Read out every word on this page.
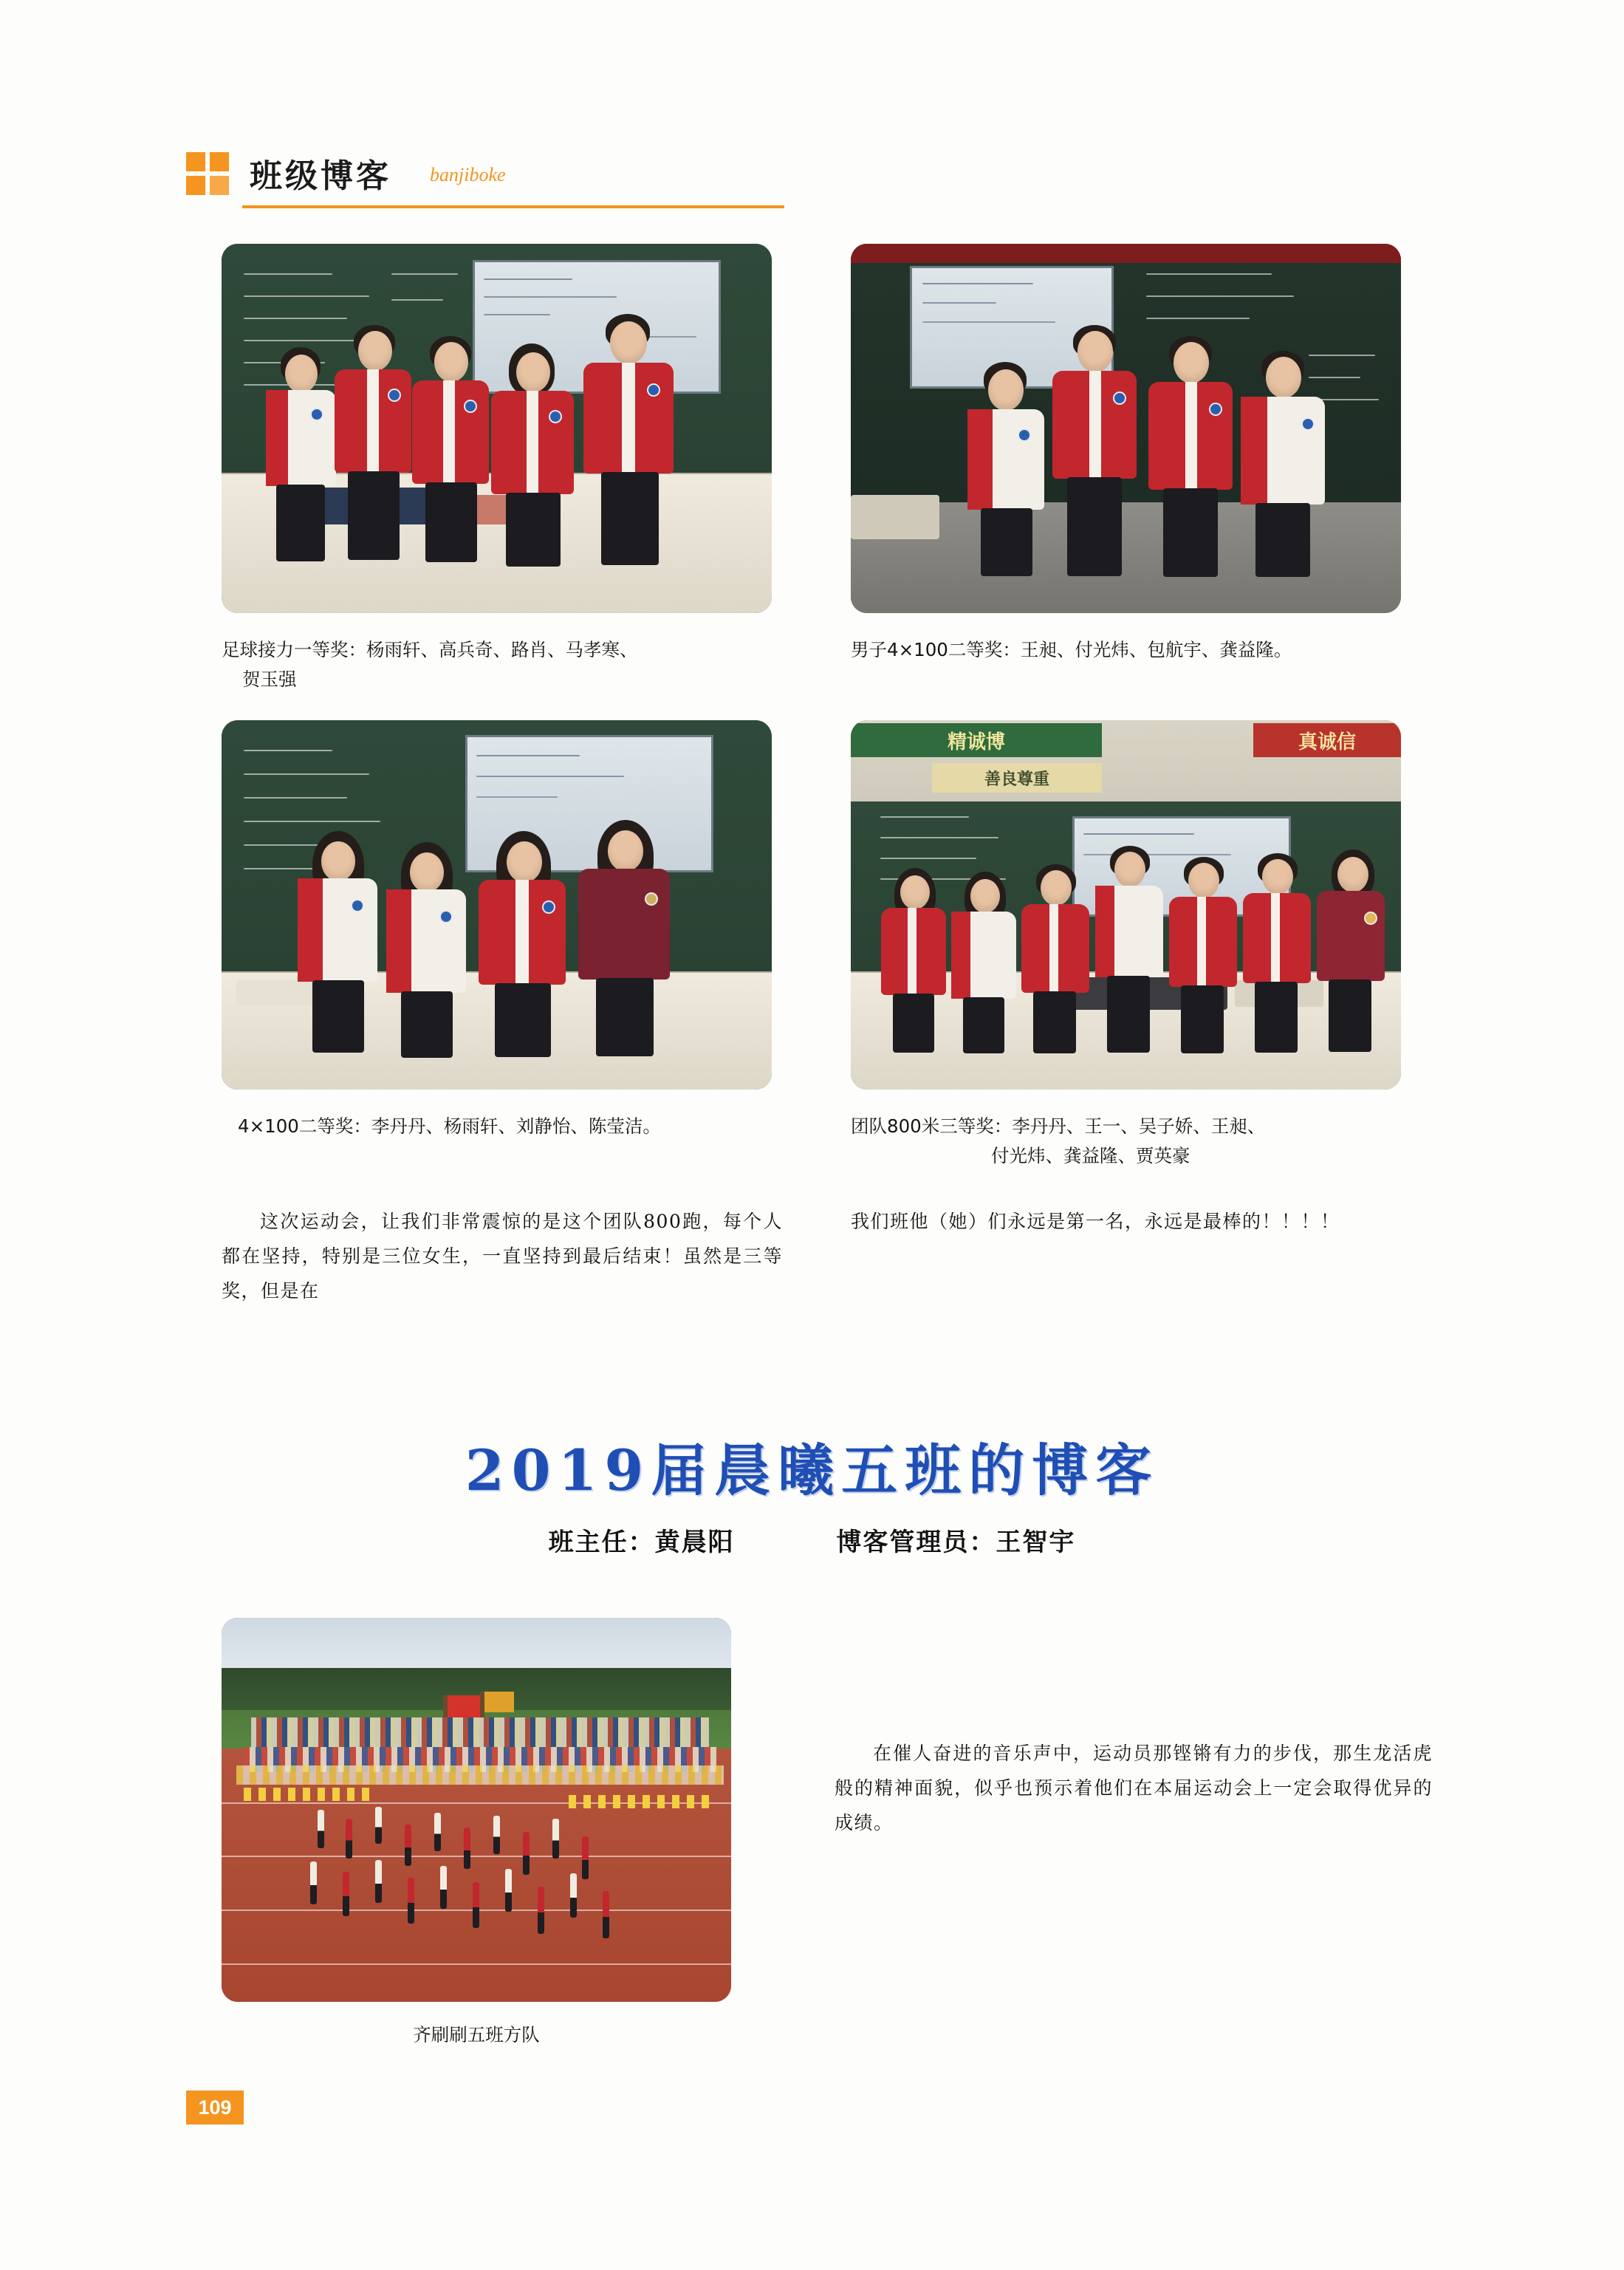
班级博客 banjiboke
足球接力一等奖：杨雨轩、高兵奇、路肖、马孝寒、
贺玉强
男子4×100二等奖：王昶、付光炜、包航宇、龚益隆。
4×100二等奖：李丹丹、杨雨轩、刘静怡、陈莹洁。
精诚博	真诚信
善良尊重
团队800米三等奖：李丹丹、王一、吴子娇、王昶、
付光炜、龚益隆、贾英豪
这次运动会，让我们非常震惊的是这个团队800跑，每个人都在坚持，特别是三位女生，一直坚持到最后结束！虽然是三等奖，但是在
我们班他（她）们永远是第一名，永远是最棒的！！！！
2019届晨曦五班的博客
班主任：黄晨阳	博客管理员：王智宇
齐刷刷五班方队
在催人奋进的音乐声中，运动员那铿锵有力的步伐，那生龙活虎般的精神面貌，似乎也预示着他们在本届运动会上一定会取得优异的成绩。
109
